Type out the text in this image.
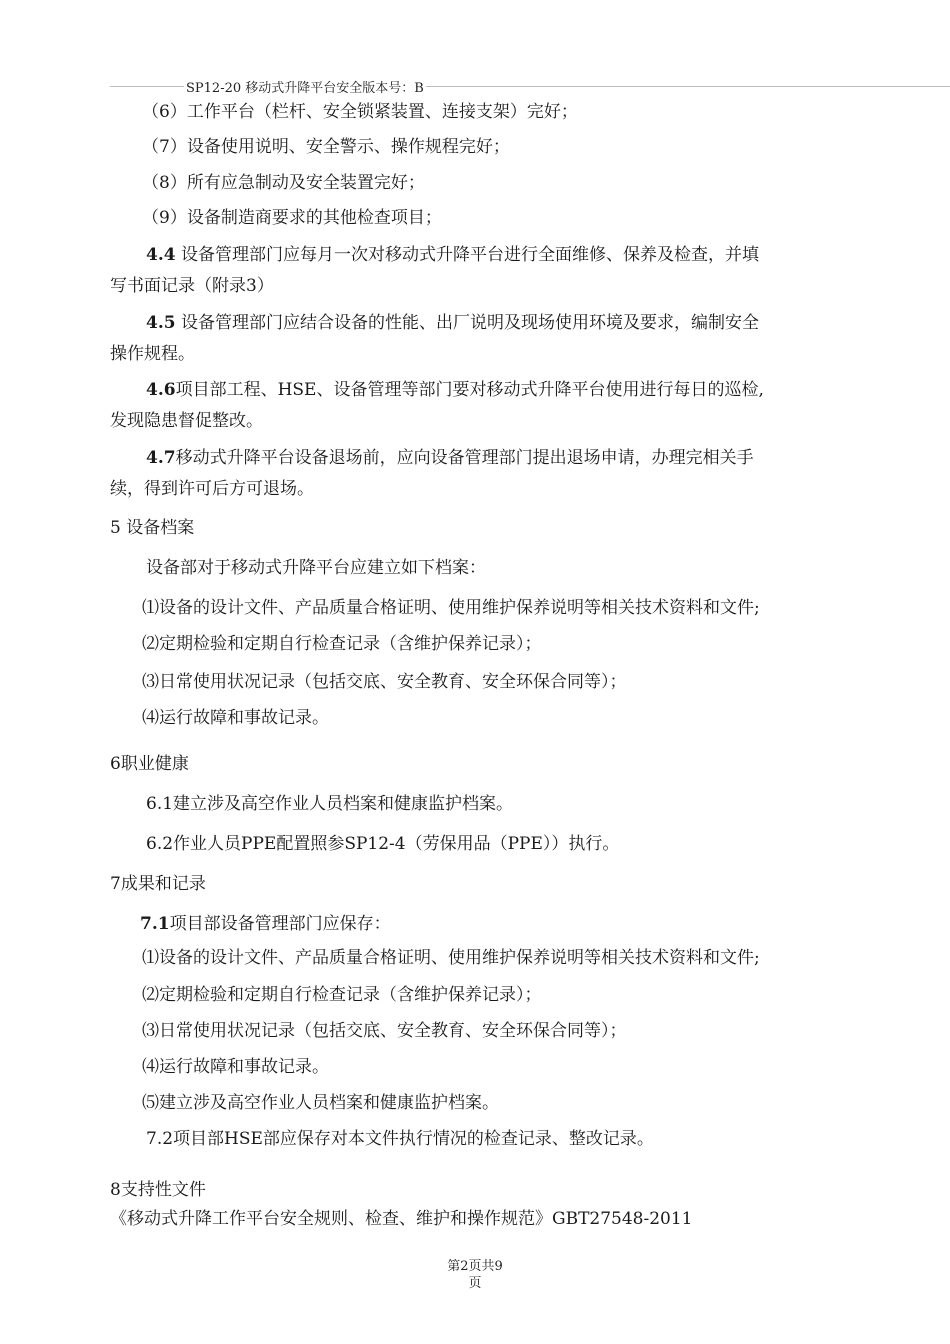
SP12-20 移动式升降平台安全版本号：B
（6）工作平台（栏杆、安全锁紧装置、连接支架）完好；
（7）设备使用说明、安全警示、操作规程完好；
（8）所有应急制动及安全装置完好；
（9）设备制造商要求的其他检查项目；
4.4 设备管理部门应每月一次对移动式升降平台进行全面维修、保养及检查，并填
写书面记录（附录3）
4.5 设备管理部门应结合设备的性能、出厂说明及现场使用环境及要求，编制安全
操作规程。
4.6项目部工程、HSE、设备管理等部门要对移动式升降平台使用进行每日的巡检,
发现隐患督促整改。
4.7移动式升降平台设备退场前，应向设备管理部门提出退场申请，办理完相关手
续，得到许可后方可退场。
5 设备档案
设备部对于移动式升降平台应建立如下档案：
⑴设备的设计文件、产品质量合格证明、使用维护保养说明等相关技术资料和文件;
⑵定期检验和定期自行检查记录（含维护保养记录）；
⑶日常使用状况记录（包括交底、安全教育、安全环保合同等）；
⑷运行故障和事故记录。
6职业健康
6.1建立涉及高空作业人员档案和健康监护档案。
6.2作业人员PPE配置照参SP12-4（劳保用品（PPE））执行。
7成果和记录
7.1项目部设备管理部门应保存：
⑴设备的设计文件、产品质量合格证明、使用维护保养说明等相关技术资料和文件;
⑵定期检验和定期自行检查记录（含维护保养记录）；
⑶日常使用状况记录（包括交底、安全教育、安全环保合同等）；
⑷运行故障和事故记录。
⑸建立涉及高空作业人员档案和健康监护档案。
7.2项目部HSE部应保存对本文件执行情况的检查记录、整改记录。
8支持性文件
《移动式升降工作平台安全规则、检查、维护和操作规范》GBT27548-2011
第2页共9
页
